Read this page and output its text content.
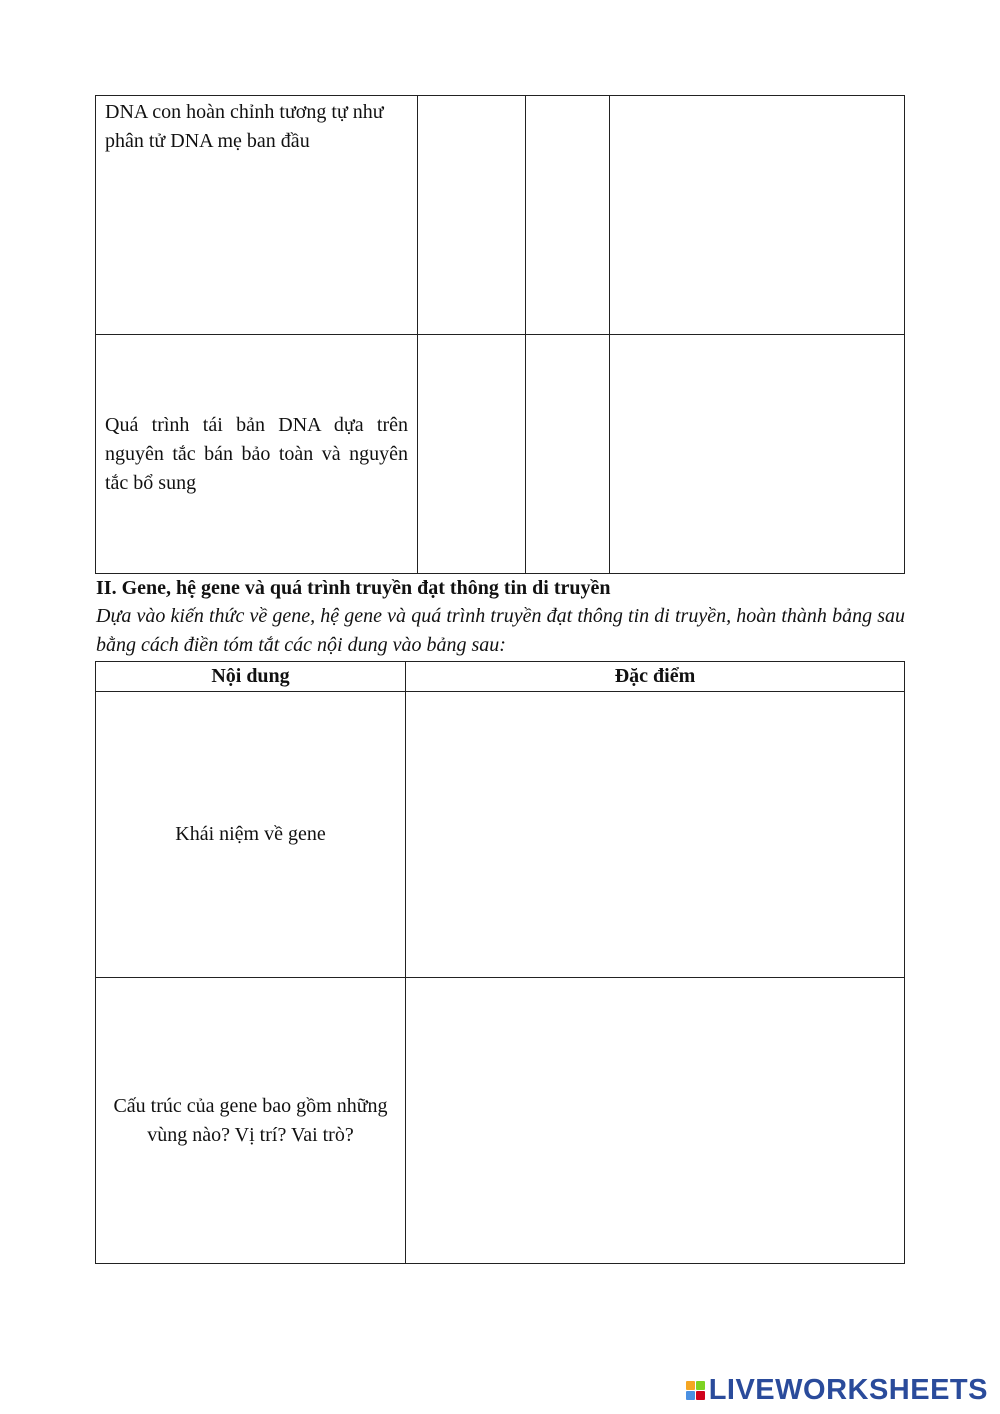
DNA con hoàn chỉnh tương tự như phân tử DNA mẹ ban đầu			

Quá trình tái bản DNA dựa trên nguyên tắc bán bảo toàn và nguyên tắc bổ sung			

II. Gene, hệ gene và quá trình truyền đạt thông tin di truyền

Dựa vào kiến thức về gene, hệ gene và quá trình truyền đạt thông tin di truyền, hoàn thành bảng sau bằng cách điền tóm tắt các nội dung vào bảng sau:

Nội dung	Đặc điểm
Khái niệm về gene	
Cấu trúc của gene bao gồm những vùng nào? Vị trí? Vai trò?	
LIVEWORKSHEETS
